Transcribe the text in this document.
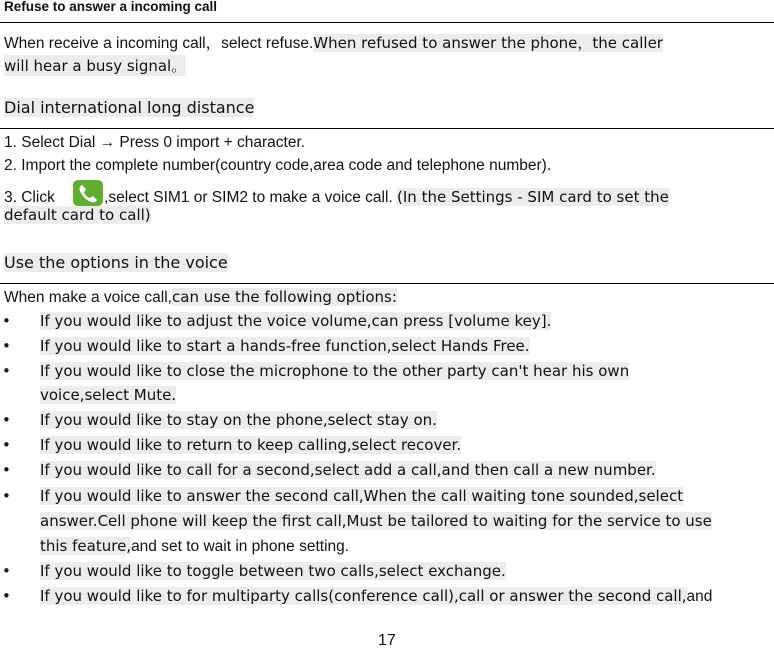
Refuse to answer a incoming call
When receive a incoming call，select refuse.When refused to answer the phone，the caller
will hear a busy signal。
Dial international long distance
1. Select Dial → Press 0 import + character.
2. Import the complete number(country code,area code and telephone number).
3. Click	,select SIM1 or SIM2 to make a voice call. (In the Settings - SIM card to set the
default card to call)
Use the options in the voice
When make a voice call,can use the following options:
• If you would like to adjust the voice volume,can press [volume key].
• If you would like to start a hands-free function,select Hands Free.
• If you would like to close the microphone to the other party can't hear his own
voice,select Mute.
• If you would like to stay on the phone,select stay on.
• If you would like to return to keep calling,select recover.
• If you would like to call for a second,select add a call,and then call a new number.
• If you would like to answer the second call,When the call waiting tone sounded,select
answer.Cell phone will keep the first call,Must be tailored to waiting for the service to use
this feature,and set to wait in phone setting.
• If you would like to toggle between two calls,select exchange.
• If you would like to for multiparty calls(conference call),call or answer the second call,and
17
